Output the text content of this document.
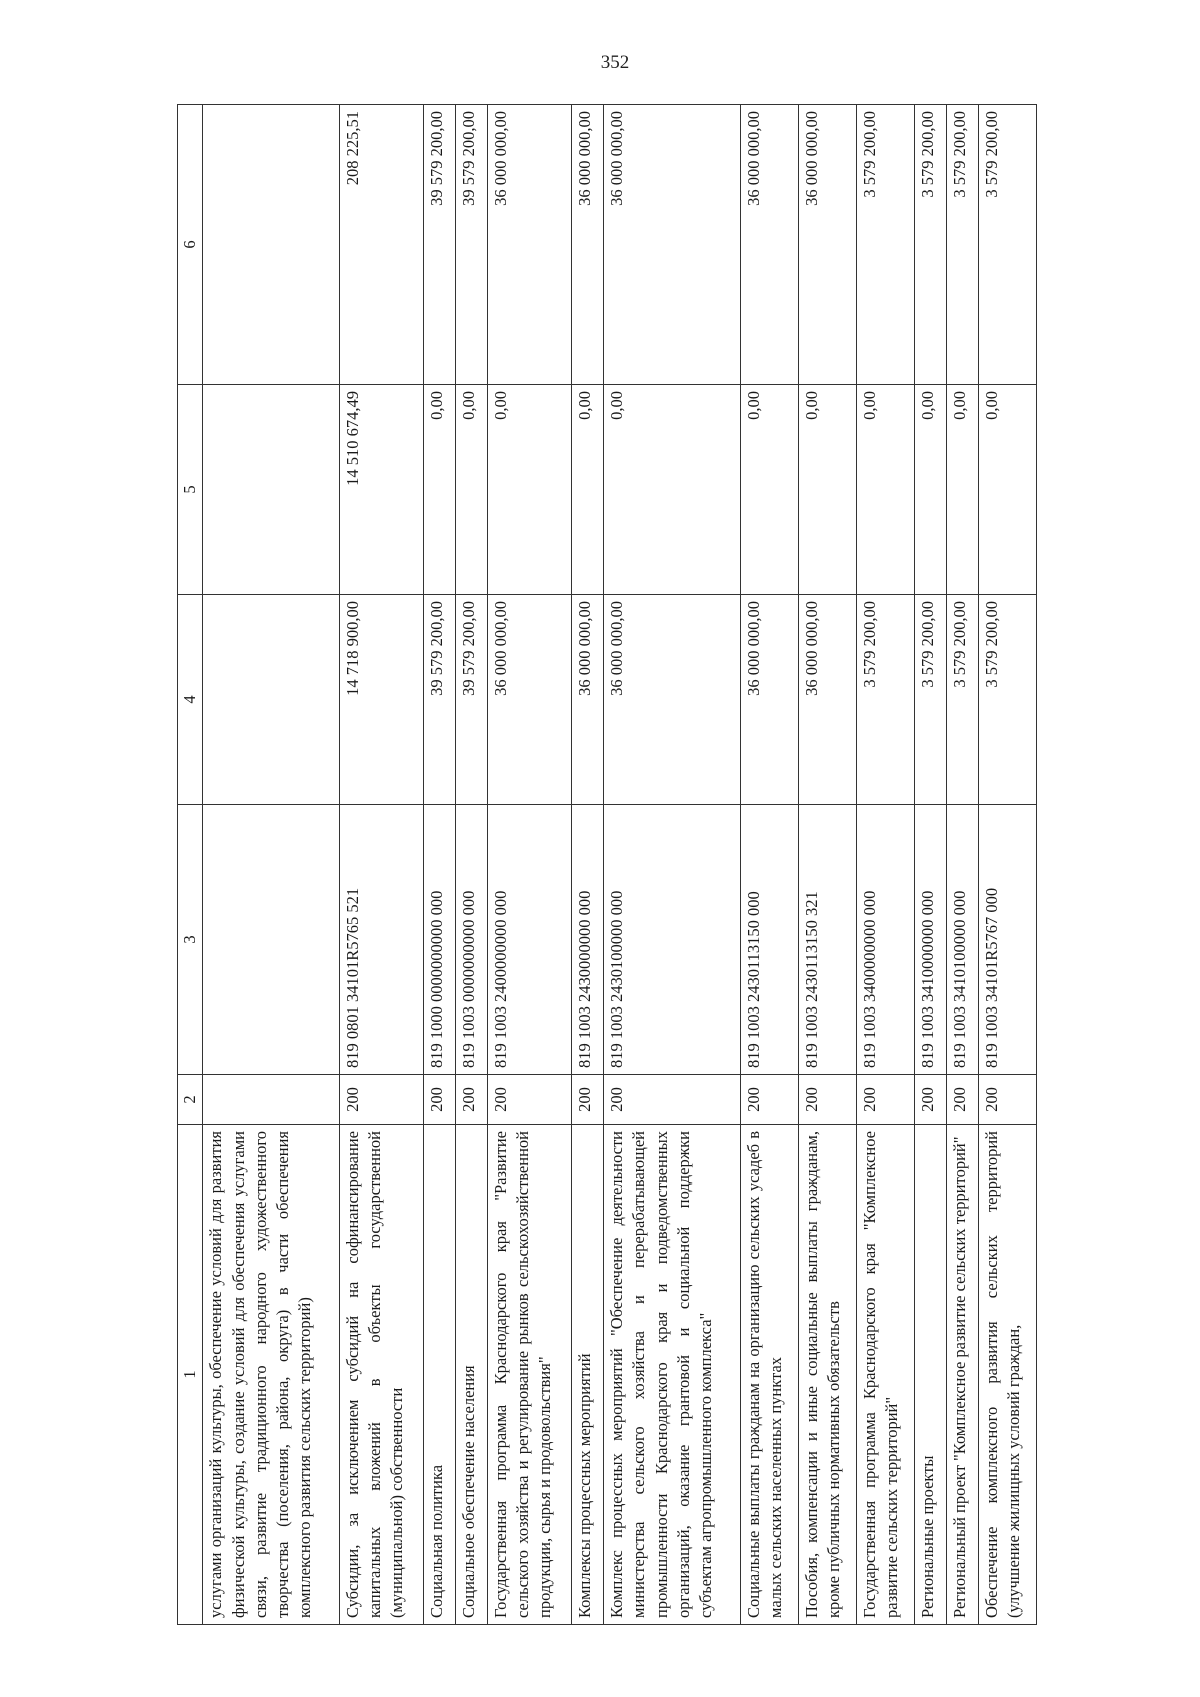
352
1	2	3	4	5	6
услугами организаций культуры, обеспечение условий для развития физической культуры, создание условий для обеспечения услугами связи, развитие традиционного народного художественного творчества (поселения, района, округа) в части обеспечения комплексного развития сельских территорий)					
Субсидии, за исключением субсидий на софинансирование капитальных вложений в объекты государственной (муниципальной) собственности	200	819 0801 34101R5765 521	14 718 900,00	14 510 674,49	208 225,51
Социальная политика	200	819 1000 0000000000 000	39 579 200,00	0,00	39 579 200,00
Социальное обеспечение населения	200	819 1003 0000000000 000	39 579 200,00	0,00	39 579 200,00
Государственная программа Краснодарского края "Развитие сельского хозяйства и регулирование рынков сельскохозяйственной продукции, сырья и продовольствия"	200	819 1003 2400000000 000	36 000 000,00	0,00	36 000 000,00
Комплексы процессных мероприятий	200	819 1003 2430000000 000	36 000 000,00	0,00	36 000 000,00
Комплекс процессных мероприятий "Обеспечение деятельности министерства сельского хозяйства и перерабатывающей промышленности Краснодарского края и подведомственных организаций, оказание грантовой и социальной поддержки субъектам агропромышленного комплекса"	200	819 1003 2430100000 000	36 000 000,00	0,00	36 000 000,00
Социальные выплаты гражданам на организацию сельских усадеб в малых сельских населенных пунктах	200	819 1003 2430113150 000	36 000 000,00	0,00	36 000 000,00
Пособия, компенсации и иные социальные выплаты гражданам, кроме публичных нормативных обязательств	200	819 1003 2430113150 321	36 000 000,00	0,00	36 000 000,00
Государственная программа Краснодарского края "Комплексное развитие сельских территорий"	200	819 1003 3400000000 000	3 579 200,00	0,00	3 579 200,00
Региональные проекты	200	819 1003 3410000000 000	3 579 200,00	0,00	3 579 200,00
Региональный проект "Комплексное развитие сельских территорий"	200	819 1003 3410100000 000	3 579 200,00	0,00	3 579 200,00
Обеспечение комплексного развития сельских территорий (улучшение жилищных условий граждан,	200	819 1003 34101R5767 000	3 579 200,00	0,00	3 579 200,00
